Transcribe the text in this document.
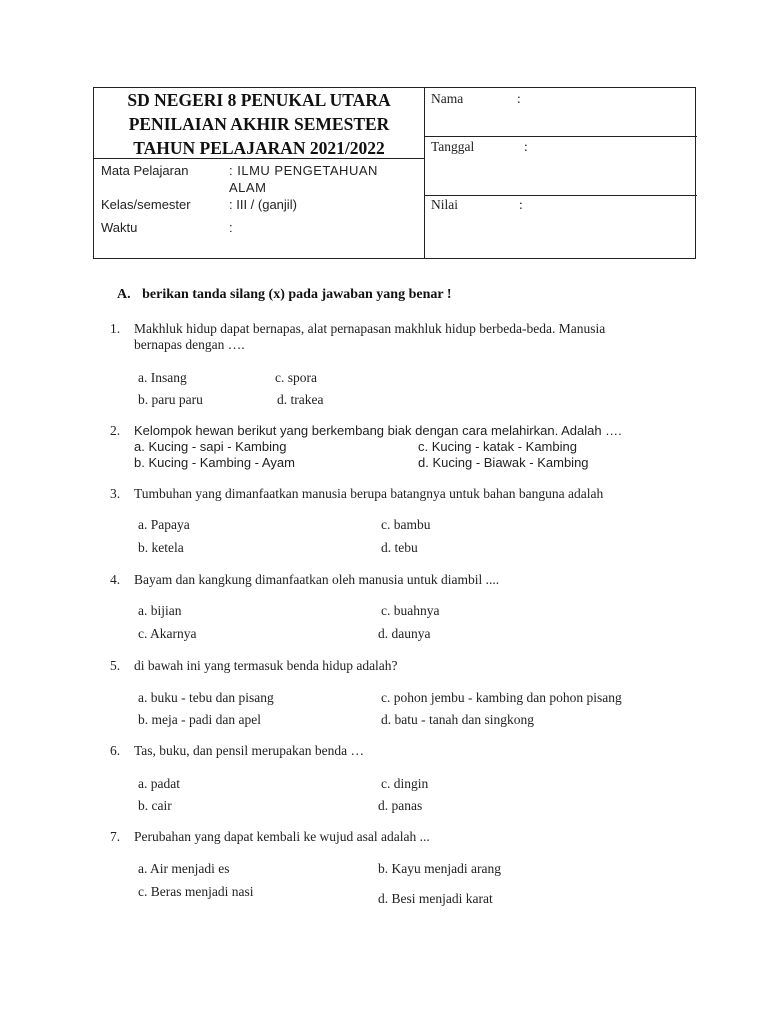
SD NEGERI 8 PENUKAL UTARA
PENILAIAN AKHIR SEMESTER
TAHUN PELAJARAN 2021/2022
Mata Pelajaran	: ILMU PENGETAHUAN ALAM
Kelas/semester	: III / (ganjil)
Waktu	:
Nama	:
Tanggal	:
Nilai	:
A. berikan tanda silang (x) pada jawaban yang benar !
1. Makhluk hidup dapat bernapas, alat pernapasan makhluk hidup berbeda-beda. Manusia bernapas dengan ….
a. Insang	c. spora
b. paru paru	d. trakea
2. Kelompok hewan berikut yang berkembang biak dengan cara melahirkan. Adalah ….
a. Kucing - sapi - Kambing	c. Kucing - katak - Kambing
b. Kucing - Kambing - Ayam	d. Kucing - Biawak - Kambing
3. Tumbuhan yang dimanfaatkan manusia berupa batangnya untuk bahan banguna adalah
a. Papaya	c. bambu
b. ketela	d. tebu
4. Bayam dan kangkung dimanfaatkan oleh manusia untuk diambil ....
a. bijian	c. buahnya
c. Akarnya	d. daunya
5. di bawah ini yang termasuk benda hidup adalah?
a. buku - tebu dan pisang	c. pohon jembu - kambing dan pohon pisang
b. meja - padi dan apel	d. batu - tanah dan singkong
6. Tas, buku, dan pensil merupakan benda …
a. padat	c. dingin
b. cair	d. panas
7. Perubahan yang dapat kembali ke wujud asal adalah ...
a. Air menjadi es	b. Kayu menjadi arang
c. Beras menjadi nasi	d. Besi menjadi karat
